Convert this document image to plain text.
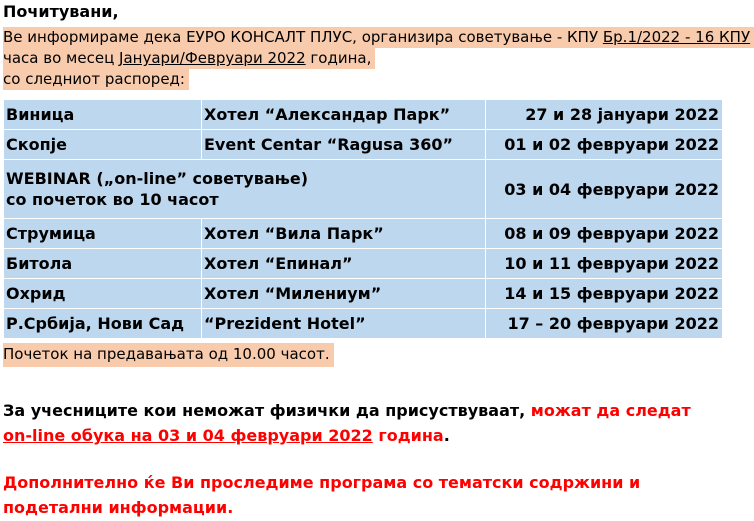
Почитувани,
Ве информираме дека ЕУРО КОНСАЛТ ПЛУС, организира советување - КПУ Бр.1/2022 - 16 КПУ
часа во месец Јануари/Февруари 2022 година,
со следниот распоред:
Виница	Хотел “Александар Парк”	27 и 28 јануари 2022
Скопје	Event Centar “Ragusa 360”	01 и 02 февруари 2022
WEBINAR („on-line” советување)
со почеток во 10 часот		03 и 04 февруари 2022
Струмица	Хотел “Вила Парк”	08 и 09 февруари 2022
Битола	Хотел “Епинал”	10 и 11 февруари 2022
Охрид	Хотел “Милениум”	14 и 15 февруари 2022
Р.Србија, Нови Сад	“Prezident Hotel”	17 – 20 февруари 2022
Почеток на предавањата од 10.00 часот.
За учесниците кои неможат физички да присуствуваат, можат да следат on-line обука на 03 и 04 февруари 2022 година.
Дополнително ќе Ви проследиме програма со тематски содржини и подетални информации.
